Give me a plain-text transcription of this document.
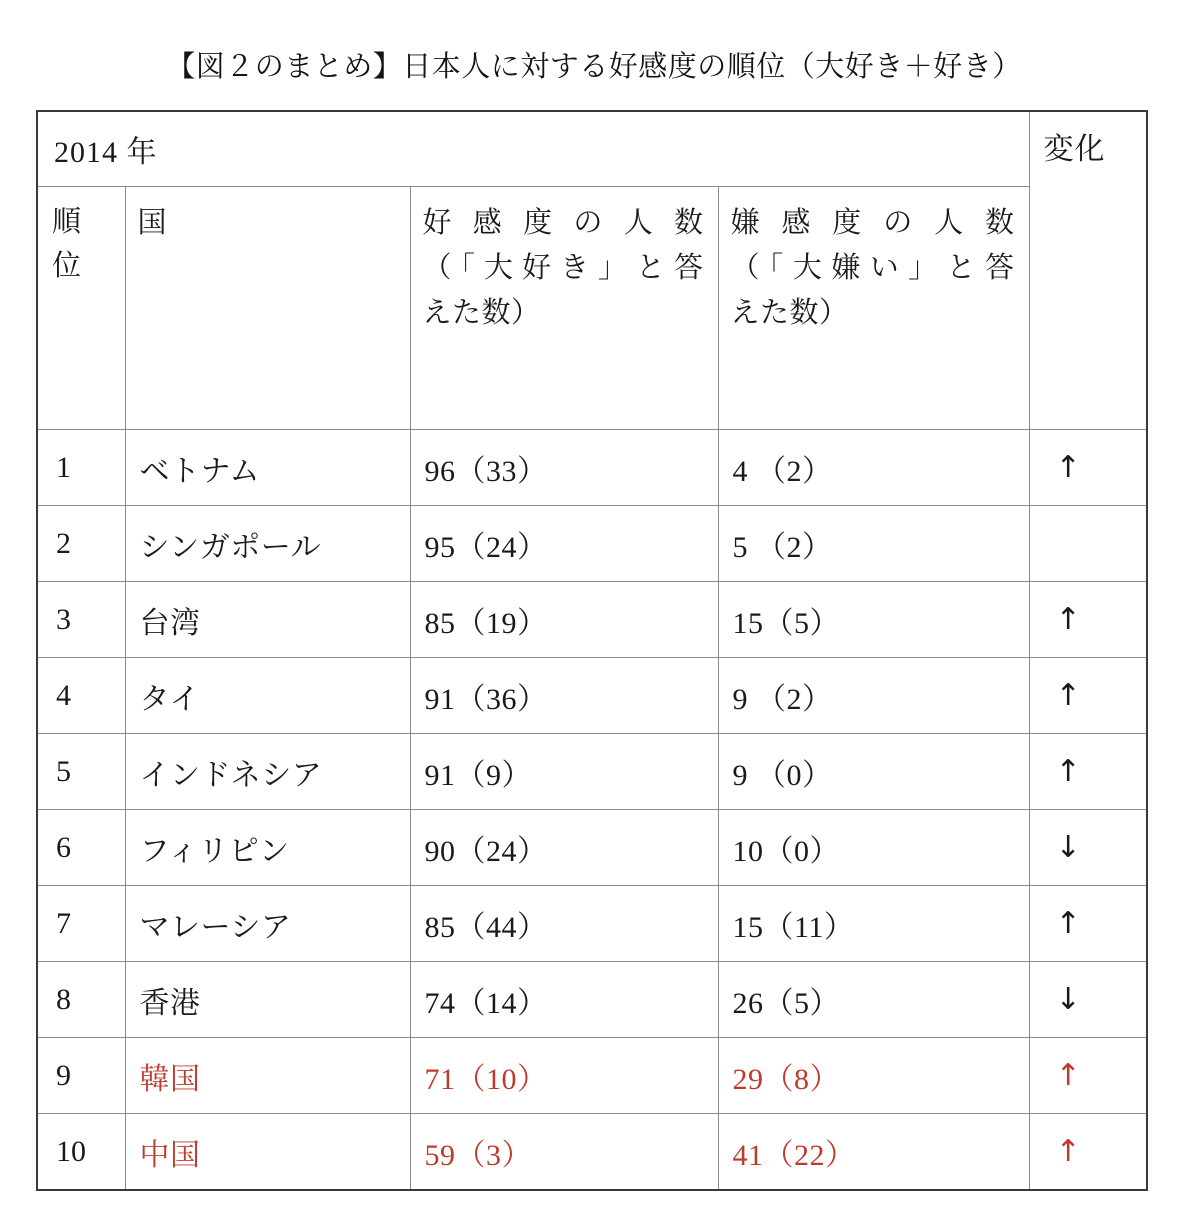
【図２のまとめ】日本人に対する好感度の順位（大好き＋好き）
2014 年				変化

順
位	国	好感度の人数
（「大好き」と答
えた数）	嫌感度の人数
（「大嫌い」と答
えた数）	

1	ベトナム	96（33）	4 （2）	↑
2	シンガポール	95（24）	5 （2）	
3	台湾	85（19）	15（5）	↑
4	タイ	91（36）	9 （2）	↑
5	インドネシア	91（9）	9 （0）	↑
6	フィリピン	90（24）	10（0）	↓
7	マレーシア	85（44）	15（11）	↑
8	香港	74（14）	26（5）	↓
9	韓国	71（10）	29（8）	↑
10	中国	59（3）	41（22）	↑
